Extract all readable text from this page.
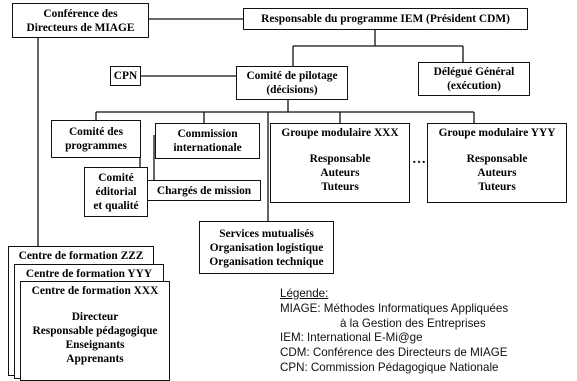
Conférence des
Directeurs de MIAGE
Responsable du programme IEM (Président CDM)
CPN	Comité de pilotage
(décisions)
Délégué Général
(exécution)
Comité des
programmes
Commission
internationale
Groupe modulaire XXX
Responsable
Auteurs
Tuteurs
…
Groupe modulaire YYY
Responsable
Auteurs
Tuteurs
Comité
éditorial
et qualité
Chargés de mission
Services mutualisés
Organisation logistique
Organisation technique
Centre de formation ZZZ
Centre de formation YYY
Centre de formation XXX
Directeur
Responsable pédagogique
Enseignants
Apprenants
Légende:
MIAGE: Méthodes Informatiques Appliquées
à la Gestion des Entreprises
IEM: International E-Mi@ge
CDM: Conférence des Directeurs de MIAGE
CPN: Commission Pédagogique Nationale
